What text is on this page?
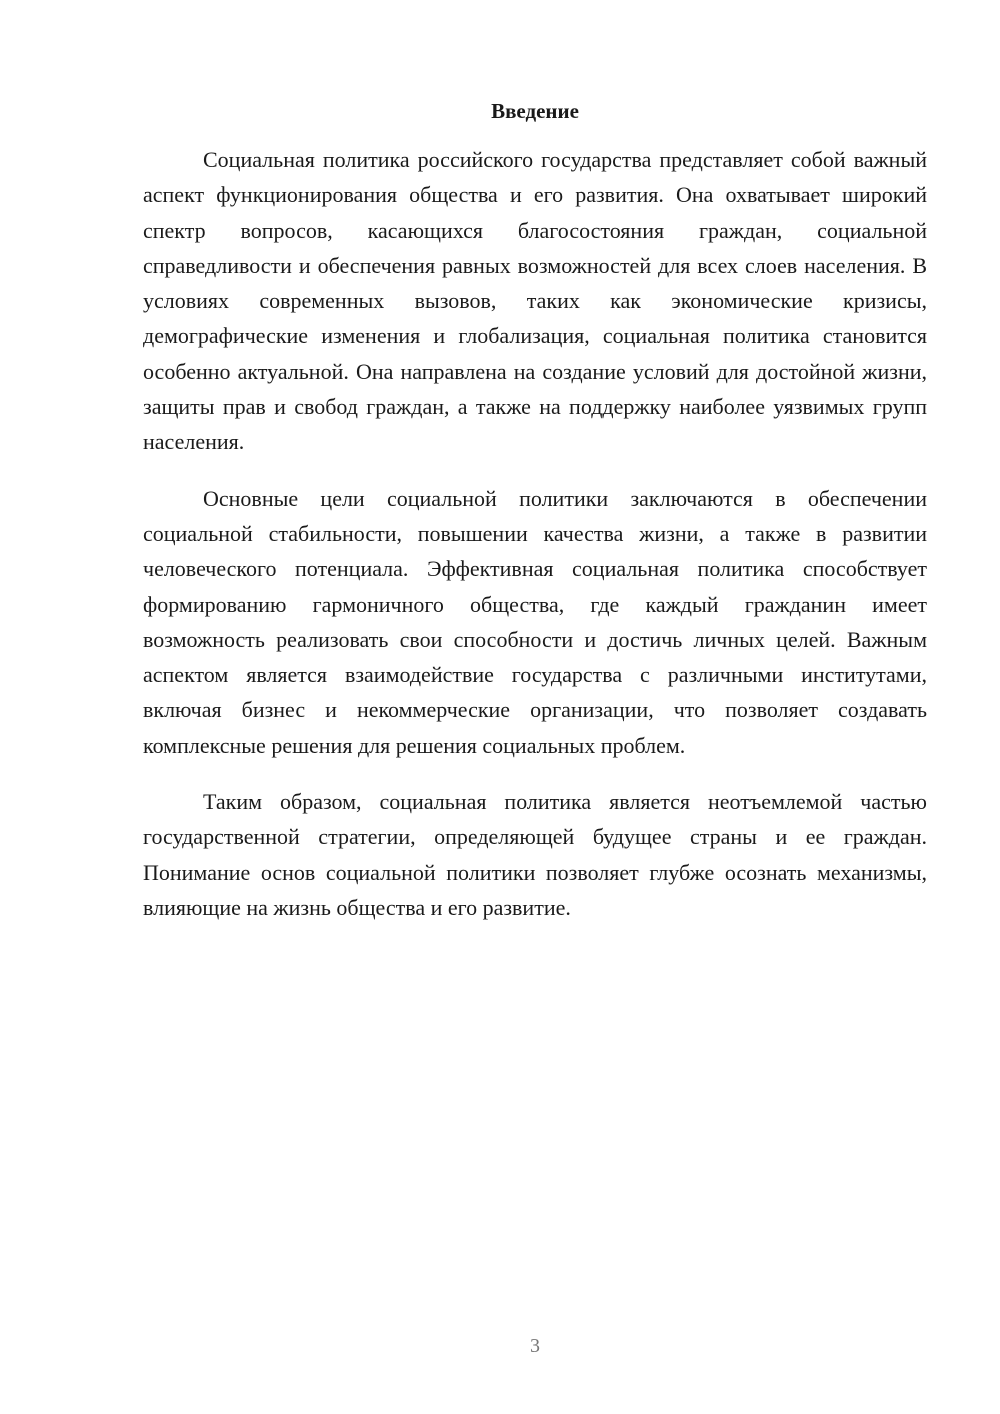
Введение

Социальная политика российского государства представляет собой важный аспект функционирования общества и его развития. Она охватывает широкий спектр вопросов, касающихся благосостояния граждан, социальной справедливости и обеспечения равных возможностей для всех слоев населения. В условиях современных вызовов, таких как экономические кризисы, демографические изменения и глобализация, социальная политика становится особенно актуальной. Она направлена на создание условий для достойной жизни, защиты прав и свобод граждан, а также на поддержку наиболее уязвимых групп населения.

Основные цели социальной политики заключаются в обеспечении социальной стабильности, повышении качества жизни, а также в развитии человеческого потенциала. Эффективная социальная политика способствует формированию гармоничного общества, где каждый гражданин имеет возможность реализовать свои способности и достичь личных целей. Важным аспектом является взаимодействие государства с различными институтами, включая бизнес и некоммерческие организации, что позволяет создавать комплексные решения для решения социальных проблем.

Таким образом, социальная политика является неотъемлемой частью государственной стратегии, определяющей будущее страны и ее граждан. Понимание основ социальной политики позволяет глубже осознать механизмы, влияющие на жизнь общества и его развитие.

3
